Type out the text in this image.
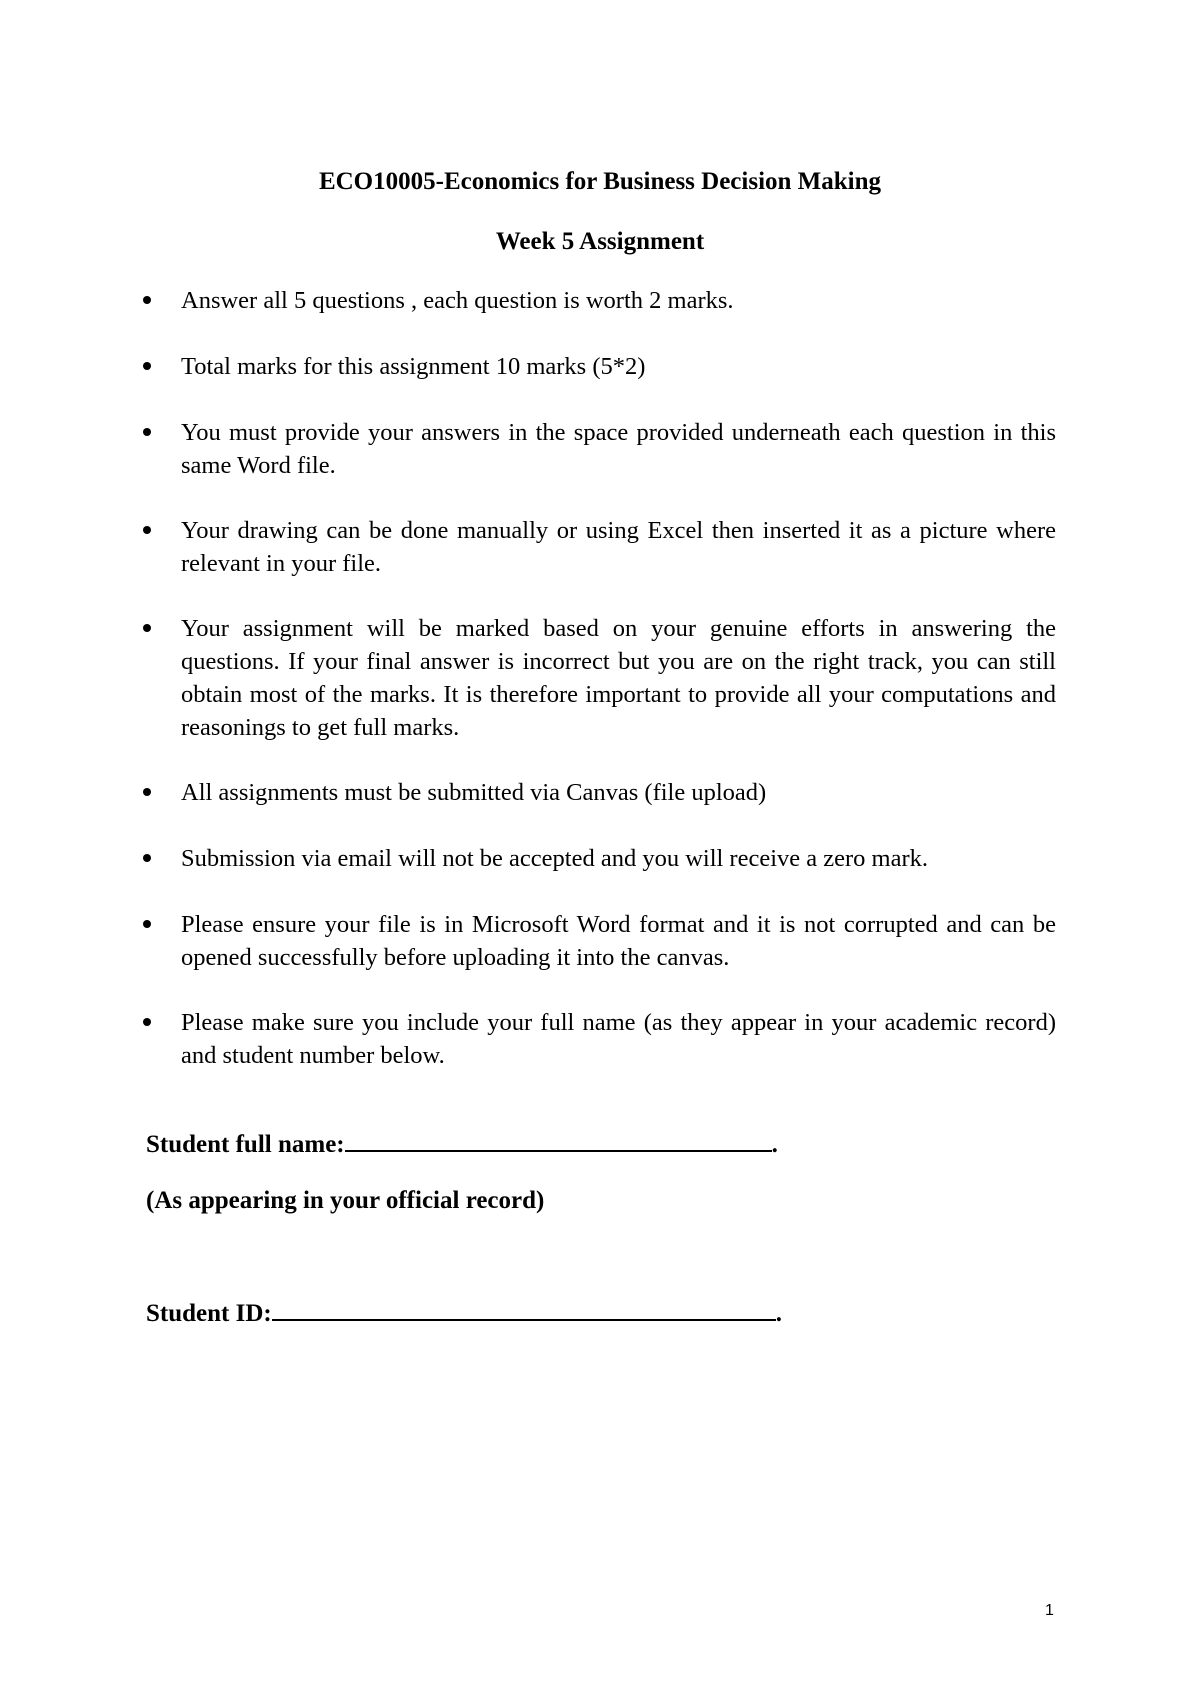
ECO10005-Economics for Business Decision Making
Week 5 Assignment
Answer all 5 questions , each question is worth 2 marks.
Total marks for this assignment 10 marks (5*2)
You must provide your answers in the space provided underneath each question in this same Word file.
Your drawing can be done manually or using Excel then inserted it as a picture where relevant in your file.
Your assignment will be marked based on your genuine efforts in answering the questions. If your final answer is incorrect but you are on the right track, you can still obtain most of the marks. It is therefore important to provide all your computations and reasonings to get full marks.
All assignments must be submitted via Canvas (file upload)
Submission via email will not be accepted and you will receive a zero mark.
Please ensure your file is in Microsoft Word format and it is not corrupted and can be opened successfully before uploading it into the canvas.
Please make sure you include your full name (as they appear in your academic record) and student number below.
Student full name:	.
(As appearing in your official record)
Student ID:	.
1
